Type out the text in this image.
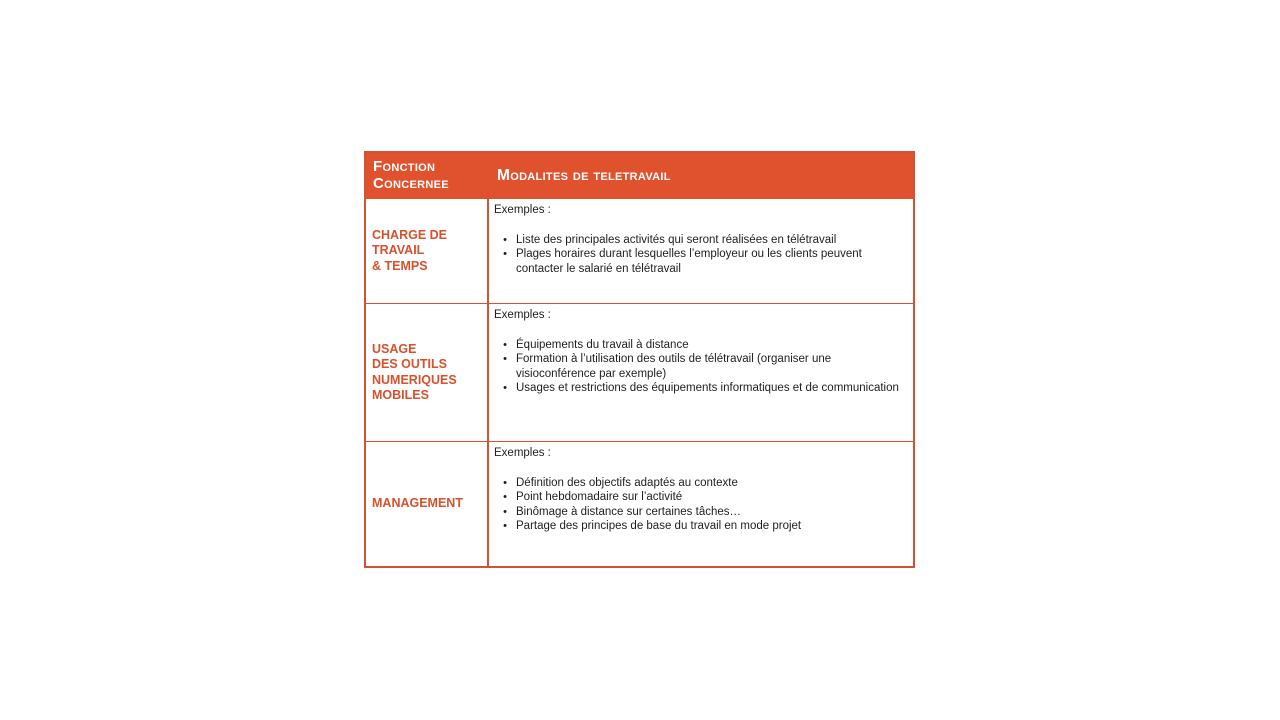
Fonction
Concernee	Modalites de teletravail
CHARGE DE
TRAVAIL
& TEMPS

Exemples :

• Liste des principales activités qui seront réalisées en télétravail
• Plages horaires durant lesquelles l’employeur ou les clients peuvent contacter le salarié en télétravail
USAGE
DES OUTILS
NUMERIQUES
MOBILES

Exemples :

• Équipements du travail à distance
• Formation à l’utilisation des outils de télétravail (organiser une visioconférence par exemple)
• Usages et restrictions des équipements informatiques et de communication
MANAGEMENT

Exemples :

• Définition des objectifs adaptés au contexte
• Point hebdomadaire sur l’activité
• Binômage à distance sur certaines tâches…
• Partage des principes de base du travail en mode projet
